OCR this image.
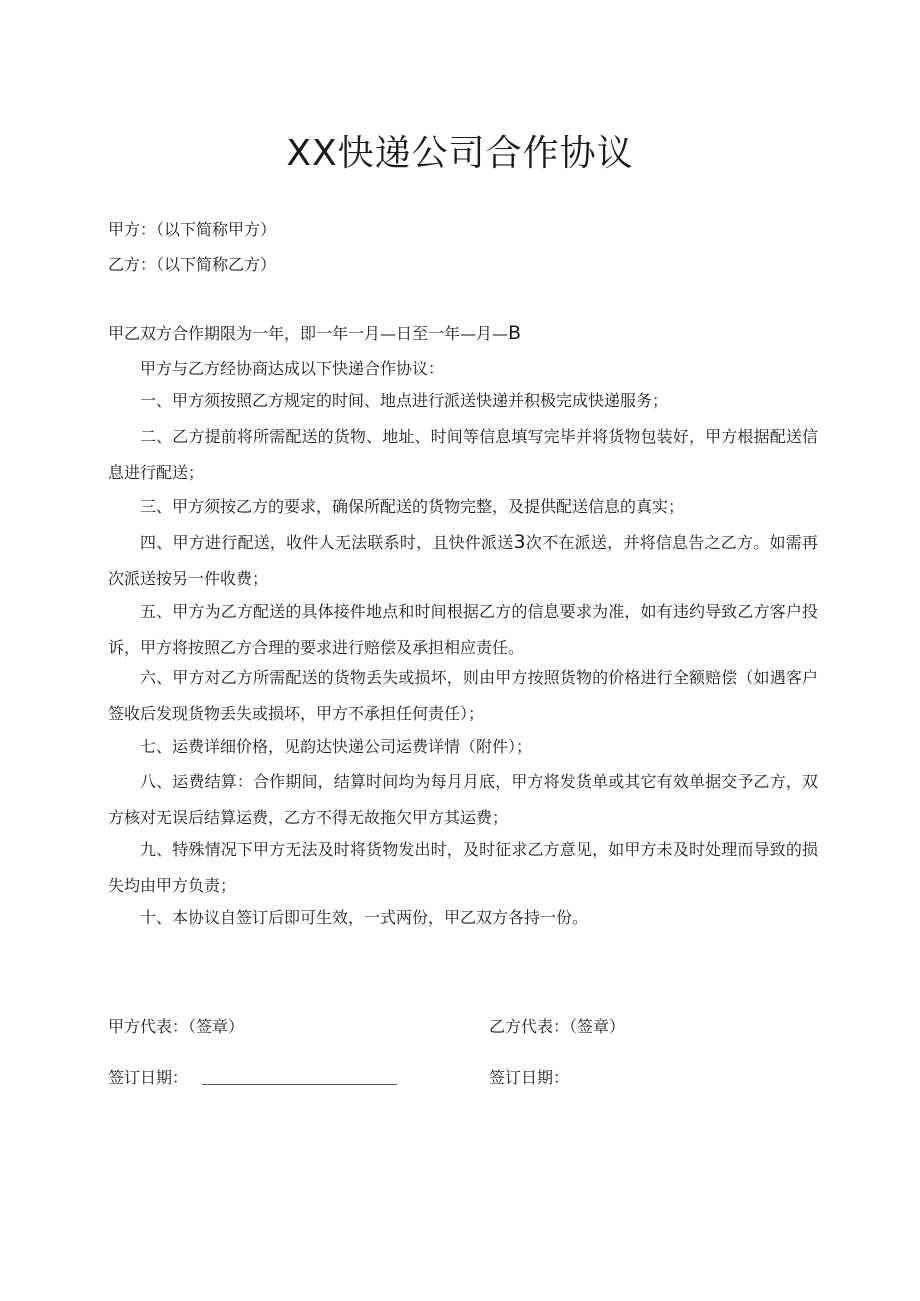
XX快递公司合作协议
甲方：（以下简称甲方）
乙方：（以下简称乙方）
甲乙双方合作期限为一年，即一年一月—日至一年—月—B
甲方与乙方经协商达成以下快递合作协议：

一、甲方须按照乙方规定的时间、地点进行派送快递并积极完成快递服务；

二、乙方提前将所需配送的货物、地址、时间等信息填写完毕并将货物包装好，甲方根据配送信息进行配送；

三、甲方须按乙方的要求，确保所配送的货物完整，及提供配送信息的真实；

四、甲方进行配送，收件人无法联系时，且快件派送3次不在派送，并将信息告之乙方。如需再次派送按另一件收费；

五、甲方为乙方配送的具体接件地点和时间根据乙方的信息要求为准，如有违约导致乙方客户投诉，甲方将按照乙方合理的要求进行赔偿及承担相应责任。

六、甲方对乙方所需配送的货物丢失或损坏，则由甲方按照货物的价格进行全额赔偿（如遇客户签收后发现货物丢失或损坏，甲方不承担任何责任）；

七、运费详细价格，见韵达快递公司运费详情（附件）；

八、运费结算：合作期间，结算时间均为每月月底，甲方将发货单或其它有效单据交予乙方，双方核对无误后结算运费，乙方不得无故拖欠甲方其运费；

九、特殊情况下甲方无法及时将货物发出时，及时征求乙方意见，如甲方未及时处理而导致的损失均由甲方负责；

十、本协议自签订后即可生效，一式两份，甲乙双方各持一份。

甲方代表：（签章）	乙方代表：（签章）
签订日期：	签订日期：
